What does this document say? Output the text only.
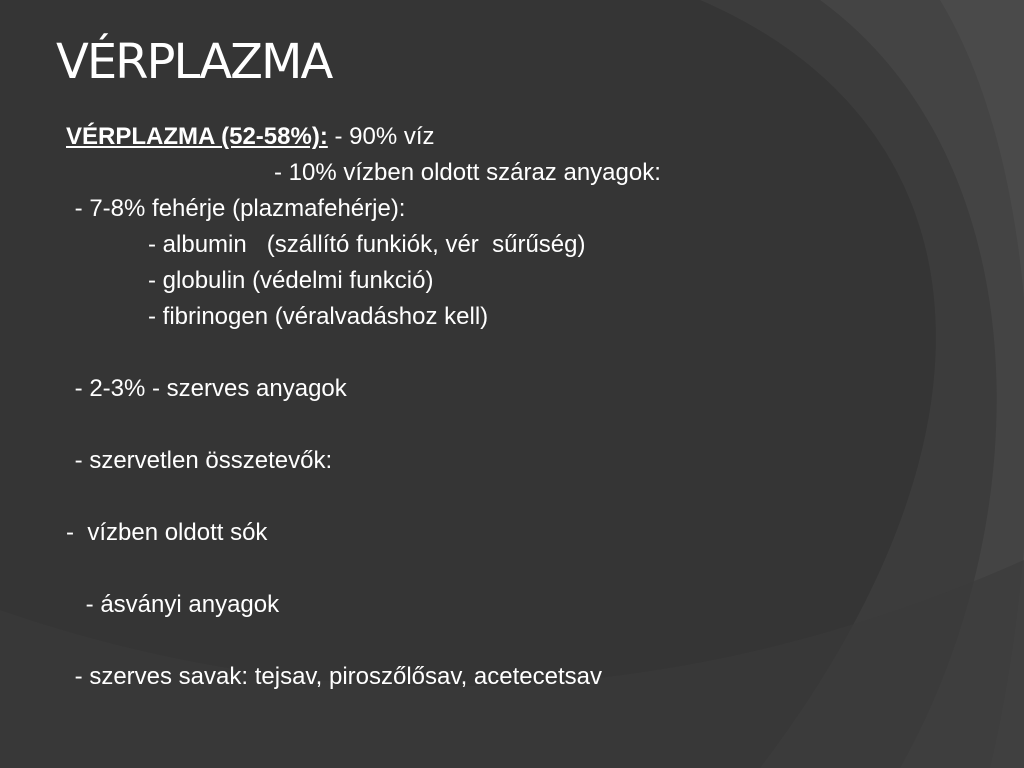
VÉRPLAZMA
VÉRPLAZMA (52-58%): - 90% víz
- 10% vízben oldott száraz anyagok:
- 7-8% fehérje (plazmafehérje):
- albumin   (szállító funkiók, vér  sűrűség)
- globulin (védelmi funkció)
- fibrinogen (véralvadáshoz kell)
- 2-3% - szerves anyagok
- szervetlen összetevők:
-  vízben oldott sók
- ásványi anyagok
- szerves savak: tejsav, piroszőlősav, acetecetsav
